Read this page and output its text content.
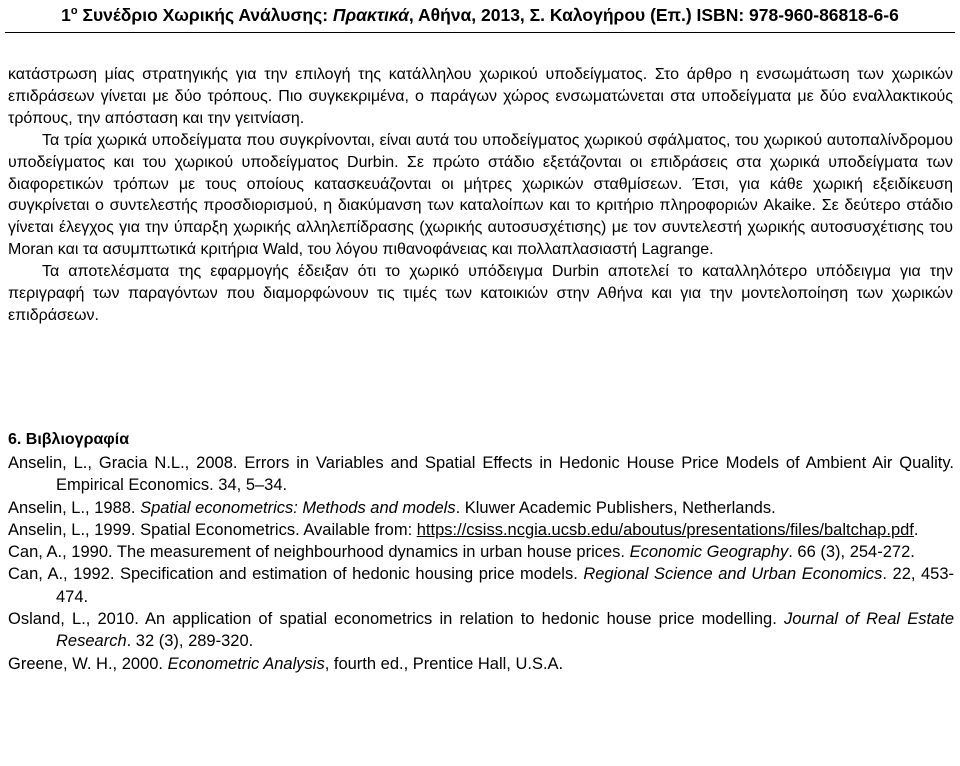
$1^o$ Συνέδριο Χωρικής Ανάλυσης: Πρακτικά, Αθήνα, 2013, Σ. Καλογήρου (Επ.) ISBN: 978-960-86818-6-6

κατάστρωση μίας στρατηγικής για την επιλογή της κατάλληλου χωρικού υποδείγματος. Στο άρθρο η ενσωμάτωση των χωρικών επιδράσεων γίνεται με δύο τρόπους. Πιο συγκεκριμένα, ο παράγων χώρος ενσωματώνεται στα υποδείγματα με δύο εναλλακτικούς τρόπους, την απόσταση και την γειτνίαση.

Τα τρία χωρικά υποδείγματα που συγκρίνονται, είναι αυτά του υποδείγματος χωρικού σφάλματος, του χωρικού αυτοπαλίνδρομου υποδείγματος και του χωρικού υποδείγματος Durbin. Σε πρώτο στάδιο εξετάζονται οι επιδράσεις στα χωρικά υποδείγματα των διαφορετικών τρόπων με τους οποίους κατασκευάζονται οι μήτρες χωρικών σταθμίσεων. Έτσι, για κάθε χωρική εξειδίκευση συγκρίνεται ο συντελεστής προσδιορισμού, η διακύμανση των καταλοίπων και το κριτήριο πληροφοριών Akaike. Σε δεύτερο στάδιο γίνεται έλεγχος για την ύπαρξη χωρικής αλληλεπίδρασης (χωρικής αυτοσυσχέτισης) με τον συντελεστή χωρικής αυτοσυσχέτισης του Moran και τα ασυμπτωτικά κριτήρια Wald, του λόγου πιθανοφάνειας και πολλαπλασιαστή Lagrange.

Τα αποτελέσματα της εφαρμογής έδειξαν ότι το χωρικό υπόδειγμα Durbin αποτελεί το καταλληλότερο υπόδειγμα για την περιγραφή των παραγόντων που διαμορφώνουν τις τιμές των κατοικιών στην Αθήνα και για την μοντελοποίηση των χωρικών επιδράσεων.

6. Βιβλιογραφία

Anselin, L., Gracia N.L., 2008. Errors in Variables and Spatial Effects in Hedonic House Price Models of Ambient Air Quality. Empirical Economics. 34, 5–34.

Anselin, L., 1988. Spatial econometrics: Methods and models. Kluwer Academic Publishers, Netherlands.

Anselin, L., 1999. Spatial Econometrics. Available from: https://csiss.ncgia.ucsb.edu/aboutus/presentations/files/baltchap.pdf.

Can, A., 1990. The measurement of neighbourhood dynamics in urban house prices. Economic Geography. 66 (3), 254-272.

Can, A., 1992. Specification and estimation of hedonic housing price models. Regional Science and Urban Economics. 22, 453-474.

Osland, L., 2010. An application of spatial econometrics in relation to hedonic house price modelling. Journal of Real Estate Research. 32 (3), 289-320.

Greene, W. H., 2000. Econometric Analysis, fourth ed., Prentice Hall, U.S.A.
